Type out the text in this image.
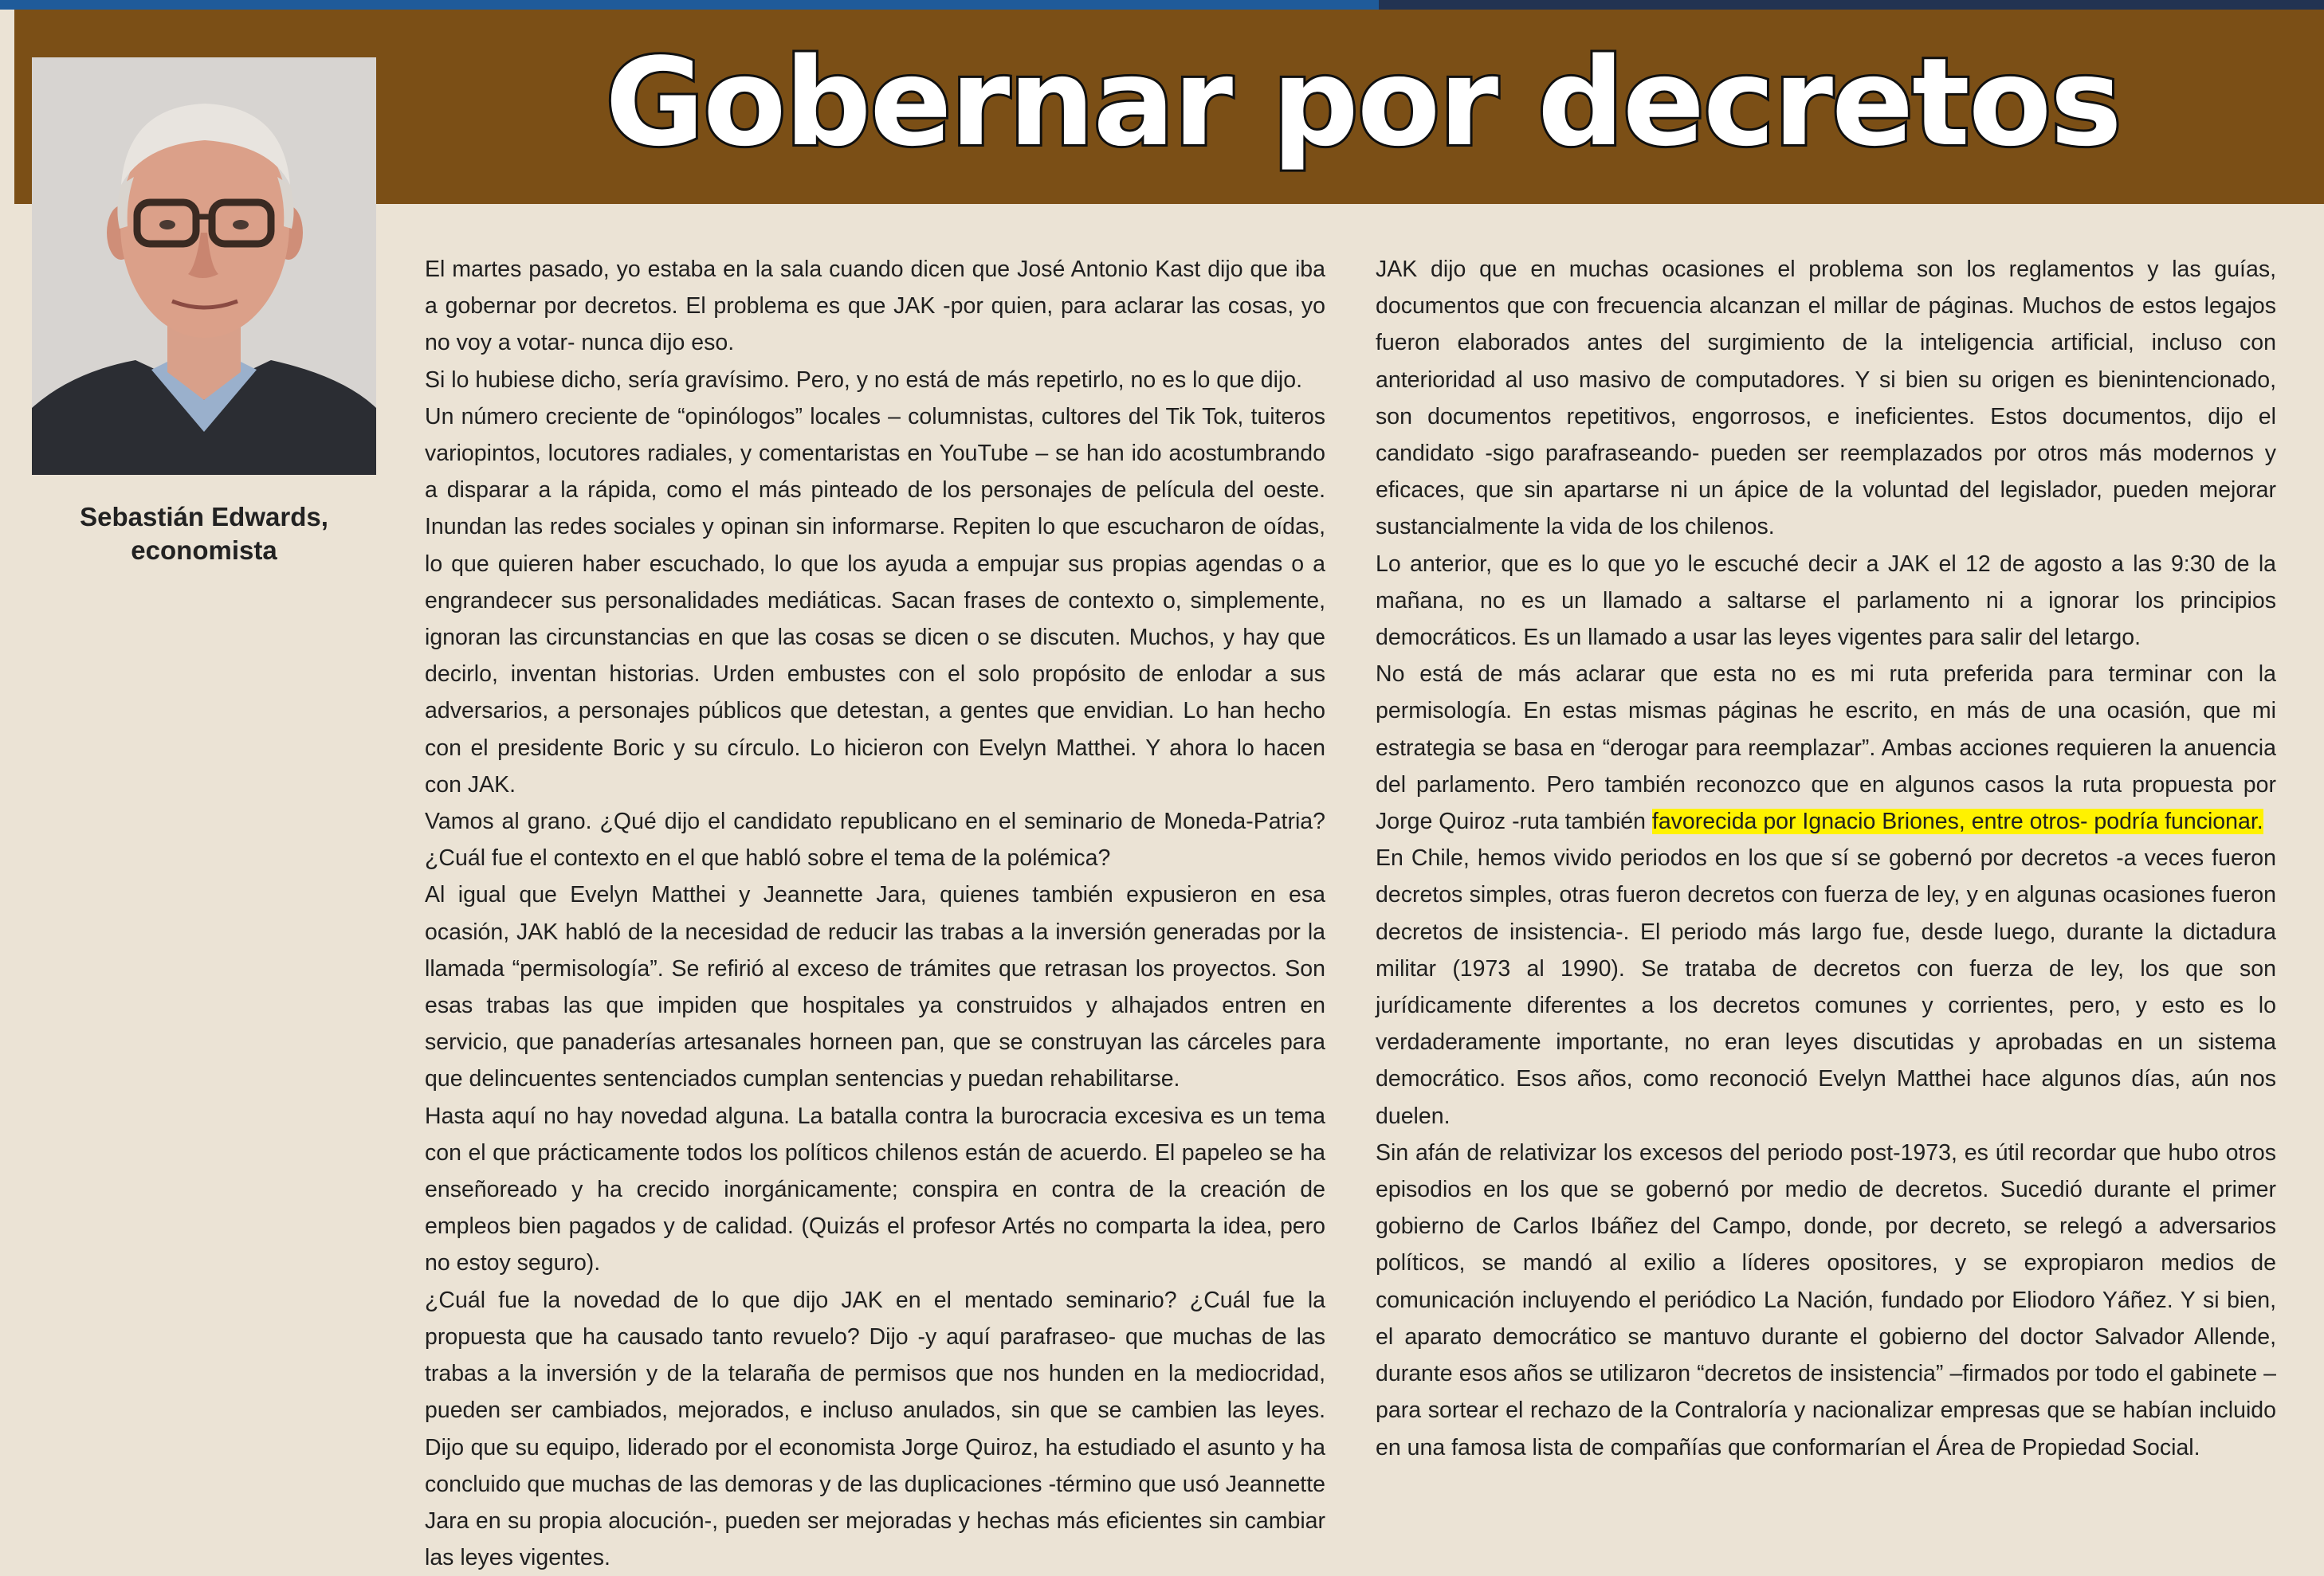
Gobernar por decretos
Sebastián Edwards,
economista

El martes pasado, yo estaba en la sala cuando dicen que José Antonio Kast dijo que iba a gobernar por decretos. El problema es que JAK -por quien, para aclarar las cosas, yo no voy a votar- nunca dijo eso.

Si lo hubiese dicho, sería gravísimo. Pero, y no está de más repetirlo, no es lo que dijo.

Un número creciente de “opinólogos” locales – columnistas, cultores del Tik Tok, tuiteros variopintos, locutores radiales, y comentaristas en YouTube – se han ido acostumbrando a disparar a la rápida, como el más pinteado de los personajes de película del oeste. Inundan las redes sociales y opinan sin informarse. Repiten lo que escucharon de oídas, lo que quieren haber escuchado, lo que los ayuda a empujar sus propias agendas o a engrandecer sus personalidades mediáticas. Sacan frases de contexto o, simplemente, ignoran las circunstancias en que las cosas se dicen o se discuten. Muchos, y hay que decirlo, inventan historias. Urden embustes con el solo propósito de enlodar a sus adversarios, a personajes públicos que detestan, a gentes que envidian. Lo han hecho con el presidente Boric y su círculo. Lo hicieron con Evelyn Matthei. Y ahora lo hacen con JAK.

Vamos al grano. ¿Qué dijo el candidato republicano en el seminario de Moneda-Patria? ¿Cuál fue el contexto en el que habló sobre el tema de la polémica?

Al igual que Evelyn Matthei y Jeannette Jara, quienes también expusieron en esa ocasión, JAK habló de la necesidad de reducir las trabas a la inversión generadas por la llamada “permisología”. Se refirió al exceso de trámites que retrasan los proyectos. Son esas trabas las que impiden que hospitales ya construidos y alhajados entren en servicio, que panaderías artesanales horneen pan, que se construyan las cárceles para que delincuentes sentenciados cumplan sentencias y puedan rehabilitarse.

Hasta aquí no hay novedad alguna. La batalla contra la burocracia excesiva es un tema con el que prácticamente todos los políticos chilenos están de acuerdo. El papeleo se ha enseñoreado y ha crecido inorgánicamente; conspira en contra de la creación de empleos bien pagados y de calidad. (Quizás el profesor Artés no comparta la idea, pero no estoy seguro).

¿Cuál fue la novedad de lo que dijo JAK en el mentado seminario? ¿Cuál fue la propuesta que ha causado tanto revuelo? Dijo -y aquí parafraseo- que muchas de las trabas a la inversión y de la telaraña de permisos que nos hunden en la mediocridad, pueden ser cambiados, mejorados, e incluso anulados, sin que se cambien las leyes. Dijo que su equipo, liderado por el economista Jorge Quiroz, ha estudiado el asunto y ha concluido que muchas de las demoras y de las duplicaciones -término que usó Jeannette Jara en su propia alocución-, pueden ser mejoradas y hechas más eficientes sin cambiar las leyes vigentes.

JAK dijo que en muchas ocasiones el problema son los reglamentos y las guías, documentos que con frecuencia alcanzan el millar de páginas. Muchos de estos legajos fueron elaborados antes del surgimiento de la inteligencia artificial, incluso con anterioridad al uso masivo de computadores. Y si bien su origen es bienintencionado, son documentos repetitivos, engorrosos, e ineficientes. Estos documentos, dijo el candidato -sigo parafraseando- pueden ser reemplazados por otros más modernos y eficaces, que sin apartarse ni un ápice de la voluntad del legislador, pueden mejorar sustancialmente la vida de los chilenos.

Lo anterior, que es lo que yo le escuché decir a JAK el 12 de agosto a las 9:30 de la mañana, no es un llamado a saltarse el parlamento ni a ignorar los principios democráticos. Es un llamado a usar las leyes vigentes para salir del letargo.

No está de más aclarar que esta no es mi ruta preferida para terminar con la permisología. En estas mismas páginas he escrito, en más de una ocasión, que mi estrategia se basa en “derogar para reemplazar”. Ambas acciones requieren la anuencia del parlamento. Pero también reconozco que en algunos casos la ruta propuesta por Jorge Quiroz -ruta también favorecida por Ignacio Briones, entre otros- podría funcionar.

En Chile, hemos vivido periodos en los que sí se gobernó por decretos -a veces fueron decretos simples, otras fueron decretos con fuerza de ley, y en algunas ocasiones fueron decretos de insistencia-. El periodo más largo fue, desde luego, durante la dictadura militar (1973 al 1990). Se trataba de decretos con fuerza de ley, los que son jurídicamente diferentes a los decretos comunes y corrientes, pero, y esto es lo verdaderamente importante, no eran leyes discutidas y aprobadas en un sistema democrático. Esos años, como reconoció Evelyn Matthei hace algunos días, aún nos duelen.

Sin afán de relativizar los excesos del periodo post-1973, es útil recordar que hubo otros episodios en los que se gobernó por medio de decretos. Sucedió durante el primer gobierno de Carlos Ibáñez del Campo, donde, por decreto, se relegó a adversarios políticos, se mandó al exilio a líderes opositores, y se expropiaron medios de comunicación incluyendo el periódico La Nación, fundado por Eliodoro Yáñez. Y si bien, el aparato democrático se mantuvo durante el gobierno del doctor Salvador Allende, durante esos años se utilizaron “decretos de insistencia” –firmados por todo el gabinete –para sortear el rechazo de la Contraloría y nacionalizar empresas que se habían incluido en una famosa lista de compañías que conformarían el Área de Propiedad Social.
